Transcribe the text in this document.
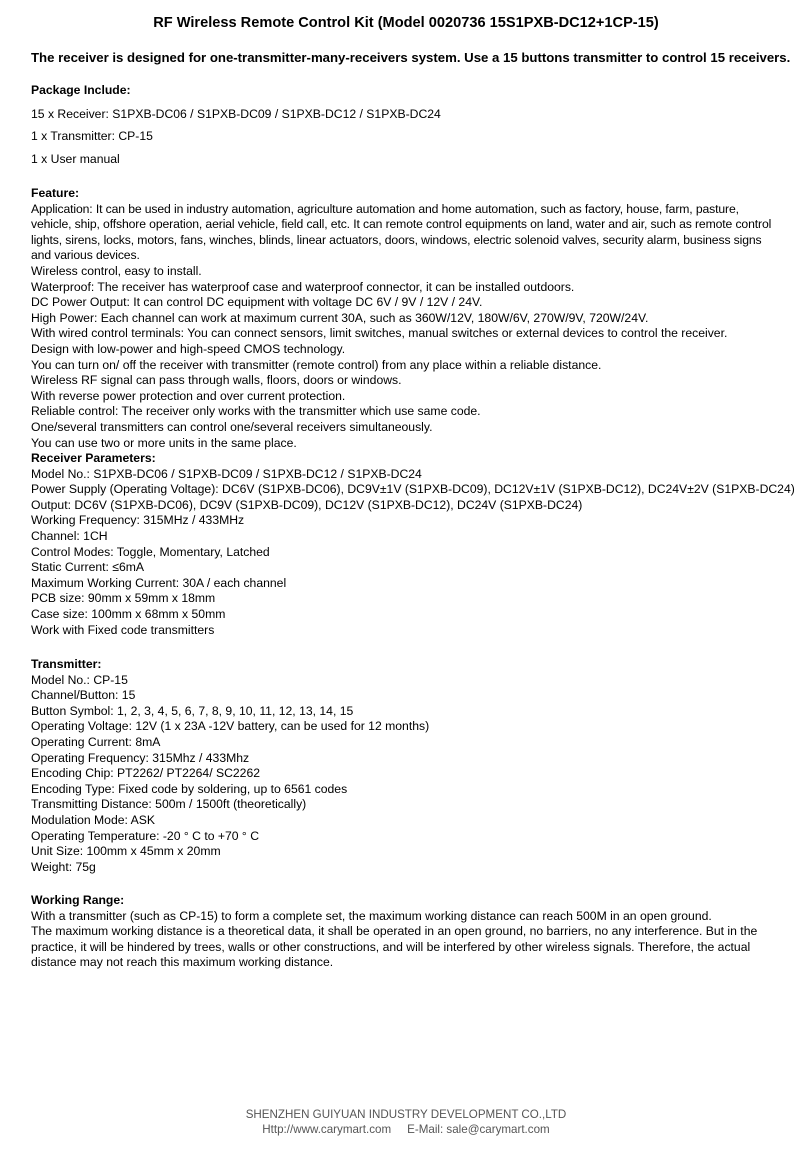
RF Wireless Remote Control Kit (Model 0020736 15S1PXB-DC12+1CP-15)

The receiver is designed for one-transmitter-many-receivers system. Use a 15 buttons transmitter to control 15 receivers.

Package Include:

15 x Receiver: S1PXB-DC06 / S1PXB-DC09 / S1PXB-DC12 / S1PXB-DC24

1 x Transmitter: CP-15

1 x User manual

Feature:

Application: It can be used in industry automation, agriculture automation and home automation, such as factory, house, farm, pasture, vehicle, ship, offshore operation, aerial vehicle, field call, etc. It can remote control equipments on land, water and air, such as remote control lights, sirens, locks, motors, fans, winches, blinds, linear actuators, doors, windows, electric solenoid valves, security alarm, business signs and various devices.

Wireless control, easy to install.

Waterproof: The receiver has waterproof case and waterproof connector, it can be installed outdoors.

DC Power Output: It can control DC equipment with voltage DC 6V / 9V / 12V / 24V.

High Power: Each channel can work at maximum current 30A, such as 360W/12V, 180W/6V, 270W/9V, 720W/24V.

With wired control terminals: You can connect sensors, limit switches, manual switches or external devices to control the receiver.

Design with low-power and high-speed CMOS technology.

You can turn on/ off the receiver with transmitter (remote control) from any place within a reliable distance.

Wireless RF signal can pass through walls, floors, doors or windows.

With reverse power protection and over current protection.

Reliable control: The receiver only works with the transmitter which use same code.

One/several transmitters can control one/several receivers simultaneously.

You can use two or more units in the same place.

Receiver Parameters:

Model No.: S1PXB-DC06 / S1PXB-DC09 / S1PXB-DC12 / S1PXB-DC24

Power Supply (Operating Voltage): DC6V (S1PXB-DC06), DC9V±1V (S1PXB-DC09), DC12V±1V (S1PXB-DC12), DC24V±2V (S1PXB-DC24)

Output: DC6V (S1PXB-DC06), DC9V (S1PXB-DC09), DC12V (S1PXB-DC12), DC24V (S1PXB-DC24)

Working Frequency: 315MHz / 433MHz

Channel: 1CH

Control Modes: Toggle, Momentary, Latched

Static Current: ≤6mA

Maximum Working Current: 30A / each channel

PCB size: 90mm x 59mm x 18mm

Case size: 100mm x 68mm x 50mm

Work with Fixed code transmitters

Transmitter:

Model No.: CP-15

Channel/Button: 15

Button Symbol: 1, 2, 3, 4, 5, 6, 7, 8, 9, 10, 11, 12, 13, 14, 15

Operating Voltage: 12V (1 x 23A -12V battery, can be used for 12 months)

Operating Current: 8mA

Operating Frequency: 315Mhz / 433Mhz

Encoding Chip: PT2262/ PT2264/ SC2262

Encoding Type: Fixed code by soldering, up to 6561 codes

Transmitting Distance: 500m / 1500ft (theoretically)

Modulation Mode: ASK

Operating Temperature: -20 ° C to +70 ° C

Unit Size: 100mm x 45mm x 20mm

Weight: 75g

Working Range:

With a transmitter (such as CP-15) to form a complete set, the maximum working distance can reach 500M in an open ground.

The maximum working distance is a theoretical data, it shall be operated in an open ground, no barriers, no any interference. But in the practice, it will be hindered by trees, walls or other constructions, and will be interfered by other wireless signals. Therefore, the actual distance may not reach this maximum working distance.

SHENZHEN GUIYUAN INDUSTRY DEVELOPMENT CO.,LTD
Http://www.carymart.com E-Mail: sale@carymart.com
